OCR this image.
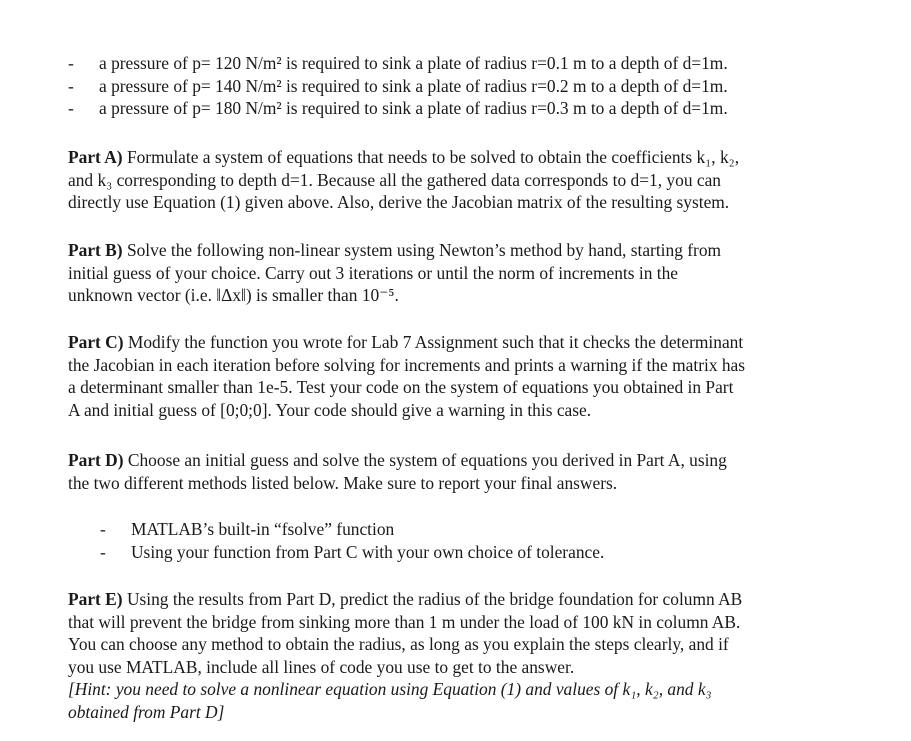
- a pressure of p= 120 N/m² is required to sink a plate of radius r=0.1 m to a depth of d=1m.
- a pressure of p= 140 N/m² is required to sink a plate of radius r=0.2 m to a depth of d=1m.
- a pressure of p= 180 N/m² is required to sink a plate of radius r=0.3 m to a depth of d=1m.

Part A) Formulate a system of equations that needs to be solved to obtain the coefficients k₁, k₂,
and k₃ corresponding to depth d=1. Because all the gathered data corresponds to d=1, you can
directly use Equation (1) given above. Also, derive the Jacobian matrix of the resulting system.

Part B) Solve the following non-linear system using Newton’s method by hand, starting from
initial guess of your choice. Carry out 3 iterations or until the norm of increments in the
unknown vector (i.e. ‖Δx‖) is smaller than 10⁻⁵.

Part C) Modify the function you wrote for Lab 7 Assignment such that it checks the determinant
the Jacobian in each iteration before solving for increments and prints a warning if the matrix has
a determinant smaller than 1e-5. Test your code on the system of equations you obtained in Part
A and initial guess of [0;0;0]. Your code should give a warning in this case.

Part D) Choose an initial guess and solve the system of equations you derived in Part A, using
the two different methods listed below. Make sure to report your final answers.

- MATLAB’s built-in “fsolve” function
- Using your function from Part C with your own choice of tolerance.

Part E) Using the results from Part D, predict the radius of the bridge foundation for column AB
that will prevent the bridge from sinking more than 1 m under the load of 100 kN in column AB.
You can choose any method to obtain the radius, as long as you explain the steps clearly, and if
you use MATLAB, include all lines of code you use to get to the answer.
[Hint: you need to solve a nonlinear equation using Equation (1) and values of k₁, k₂, and k₃
obtained from Part D]
